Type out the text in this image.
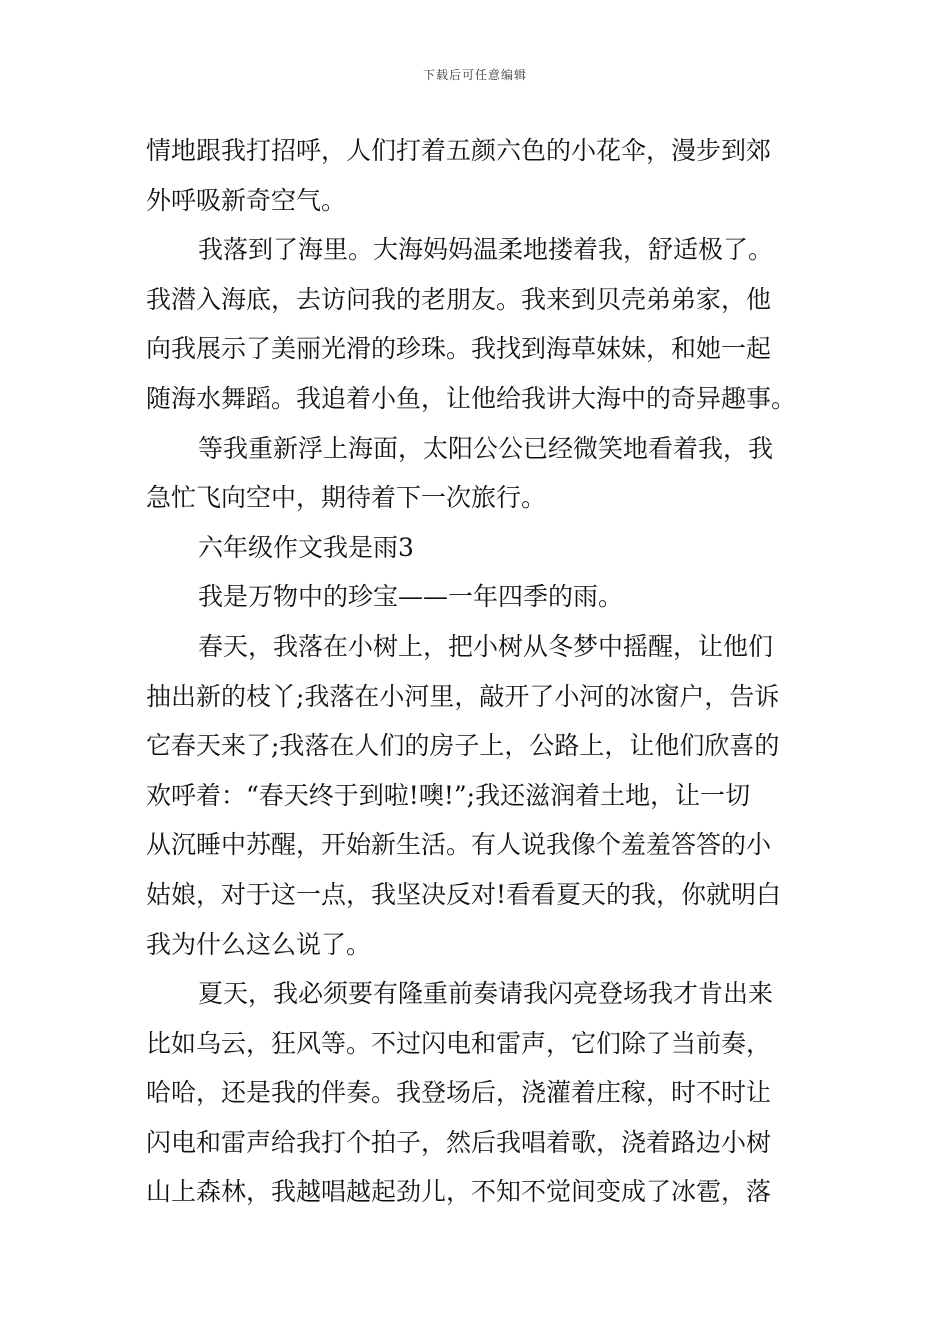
下载后可任意编辑
情地跟我打招呼，人们打着五颜六色的小花伞，漫步到郊
外呼吸新奇空气。
我落到了海里。大海妈妈温柔地搂着我，舒适极了。
我潜入海底，去访问我的老朋友。我来到贝壳弟弟家，他
向我展示了美丽光滑的珍珠。我找到海草妹妹，和她一起
随海水舞蹈。我追着小鱼，让他给我讲大海中的奇异趣事。
等我重新浮上海面，太阳公公已经微笑地看着我，我
急忙飞向空中，期待着下一次旅行。
六年级作文我是雨3
我是万物中的珍宝——一年四季的雨。
春天，我落在小树上，把小树从冬梦中摇醒，让他们
抽出新的枝丫;我落在小河里，敲开了小河的冰窗户，告诉
它春天来了;我落在人们的房子上，公路上，让他们欣喜的
欢呼着：“春天终于到啦!噢!”;我还滋润着土地，让一切
从沉睡中苏醒，开始新生活。有人说我像个羞羞答答的小
姑娘，对于这一点，我坚决反对!看看夏天的我，你就明白
我为什么这么说了。
夏天，我必须要有隆重前奏请我闪亮登场我才肯出来
比如乌云，狂风等。不过闪电和雷声，它们除了当前奏，
哈哈，还是我的伴奏。我登场后，浇灌着庄稼，时不时让
闪电和雷声给我打个拍子，然后我唱着歌，浇着路边小树
山上森林，我越唱越起劲儿，不知不觉间变成了冰雹，落
